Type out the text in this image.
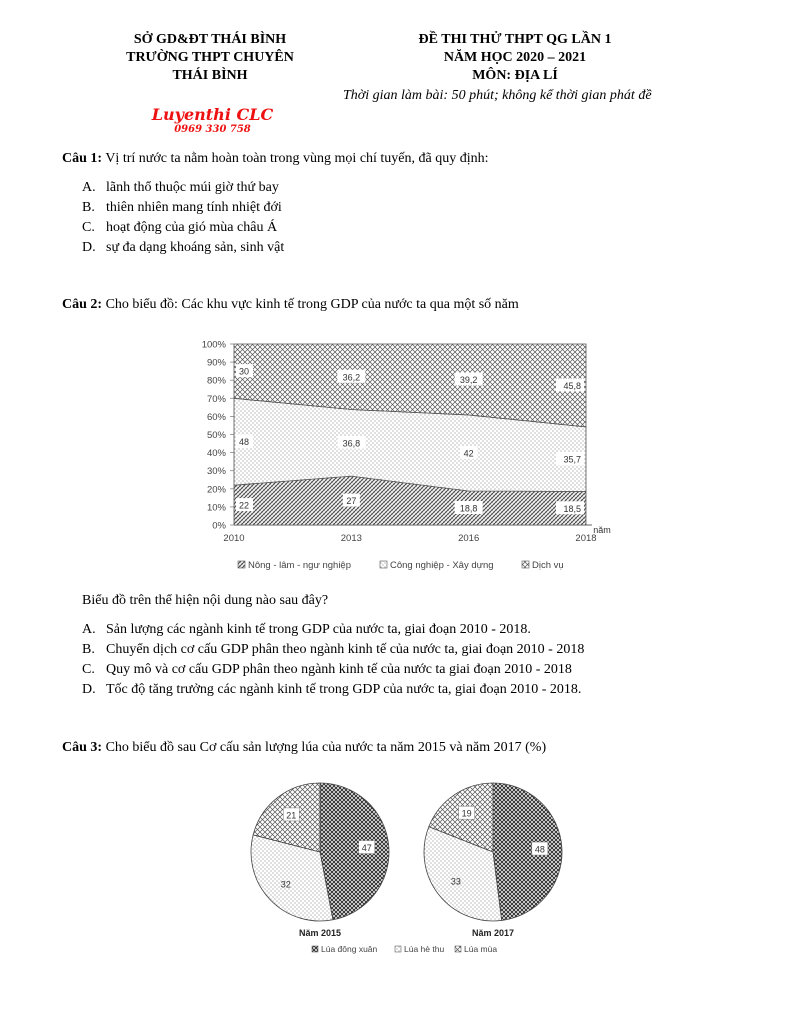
SỞ GD&ĐT THÁI BÌNH
TRƯỜNG THPT CHUYÊN
THÁI BÌNH
ĐỀ THI THỬ THPT QG LẦN 1
NĂM HỌC 2020 – 2021
MÔN: ĐỊA LÍ
Thời gian làm bài: 50 phút; không kể thời gian phát đề
Luyenthi CLC
0969 330 758
Câu 1: Vị trí nước ta nằm hoàn toàn trong vùng mọi chí tuyến, đã quy định:
A. lãnh thổ thuộc múi giờ thứ bay
B. thiên nhiên mang tính nhiệt đới
C. hoạt động của gió mùa châu Á
D. sự đa dạng khoáng sản, sinh vật
Câu 2: Cho biểu đồ: Các khu vực kinh tế trong GDP của nước ta qua một số năm
0%
10%
20%
30%
40%
50%
60%
70%
80%
90%
100%
2010	2013	2016	2018
năm
22	27
18,8	18,5
48	36,8
42
35,7
30
36,2	39,2
45,8
Nông - lâm - ngư nghiệp	Công nghiệp - Xây dựng	Dịch vụ
Biểu đồ trên thể hiện nội dung nào sau đây?
A. Sản lượng các ngành kinh tế trong GDP của nước ta, giai đoạn 2010 - 2018.
B. Chuyển dịch cơ cấu GDP phân theo ngành kinh tế của nước ta, giai đoạn 2010 - 2018
C. Quy mô và cơ cấu GDP phân theo ngành kinh tế của nước ta giai đoạn 2010 - 2018
D. Tốc độ tăng trưởng các ngành kinh tế trong GDP của nước ta, giai đoạn 2010 - 2018.
Câu 3: Cho biểu đồ sau Cơ cấu sản lượng lúa của nước ta năm 2015 và năm 2017 (%)
47
32
21
Năm 2015
48
33
19
Năm 2017
Lúa đông xuân	Lúa hè thu Lúa mùa
